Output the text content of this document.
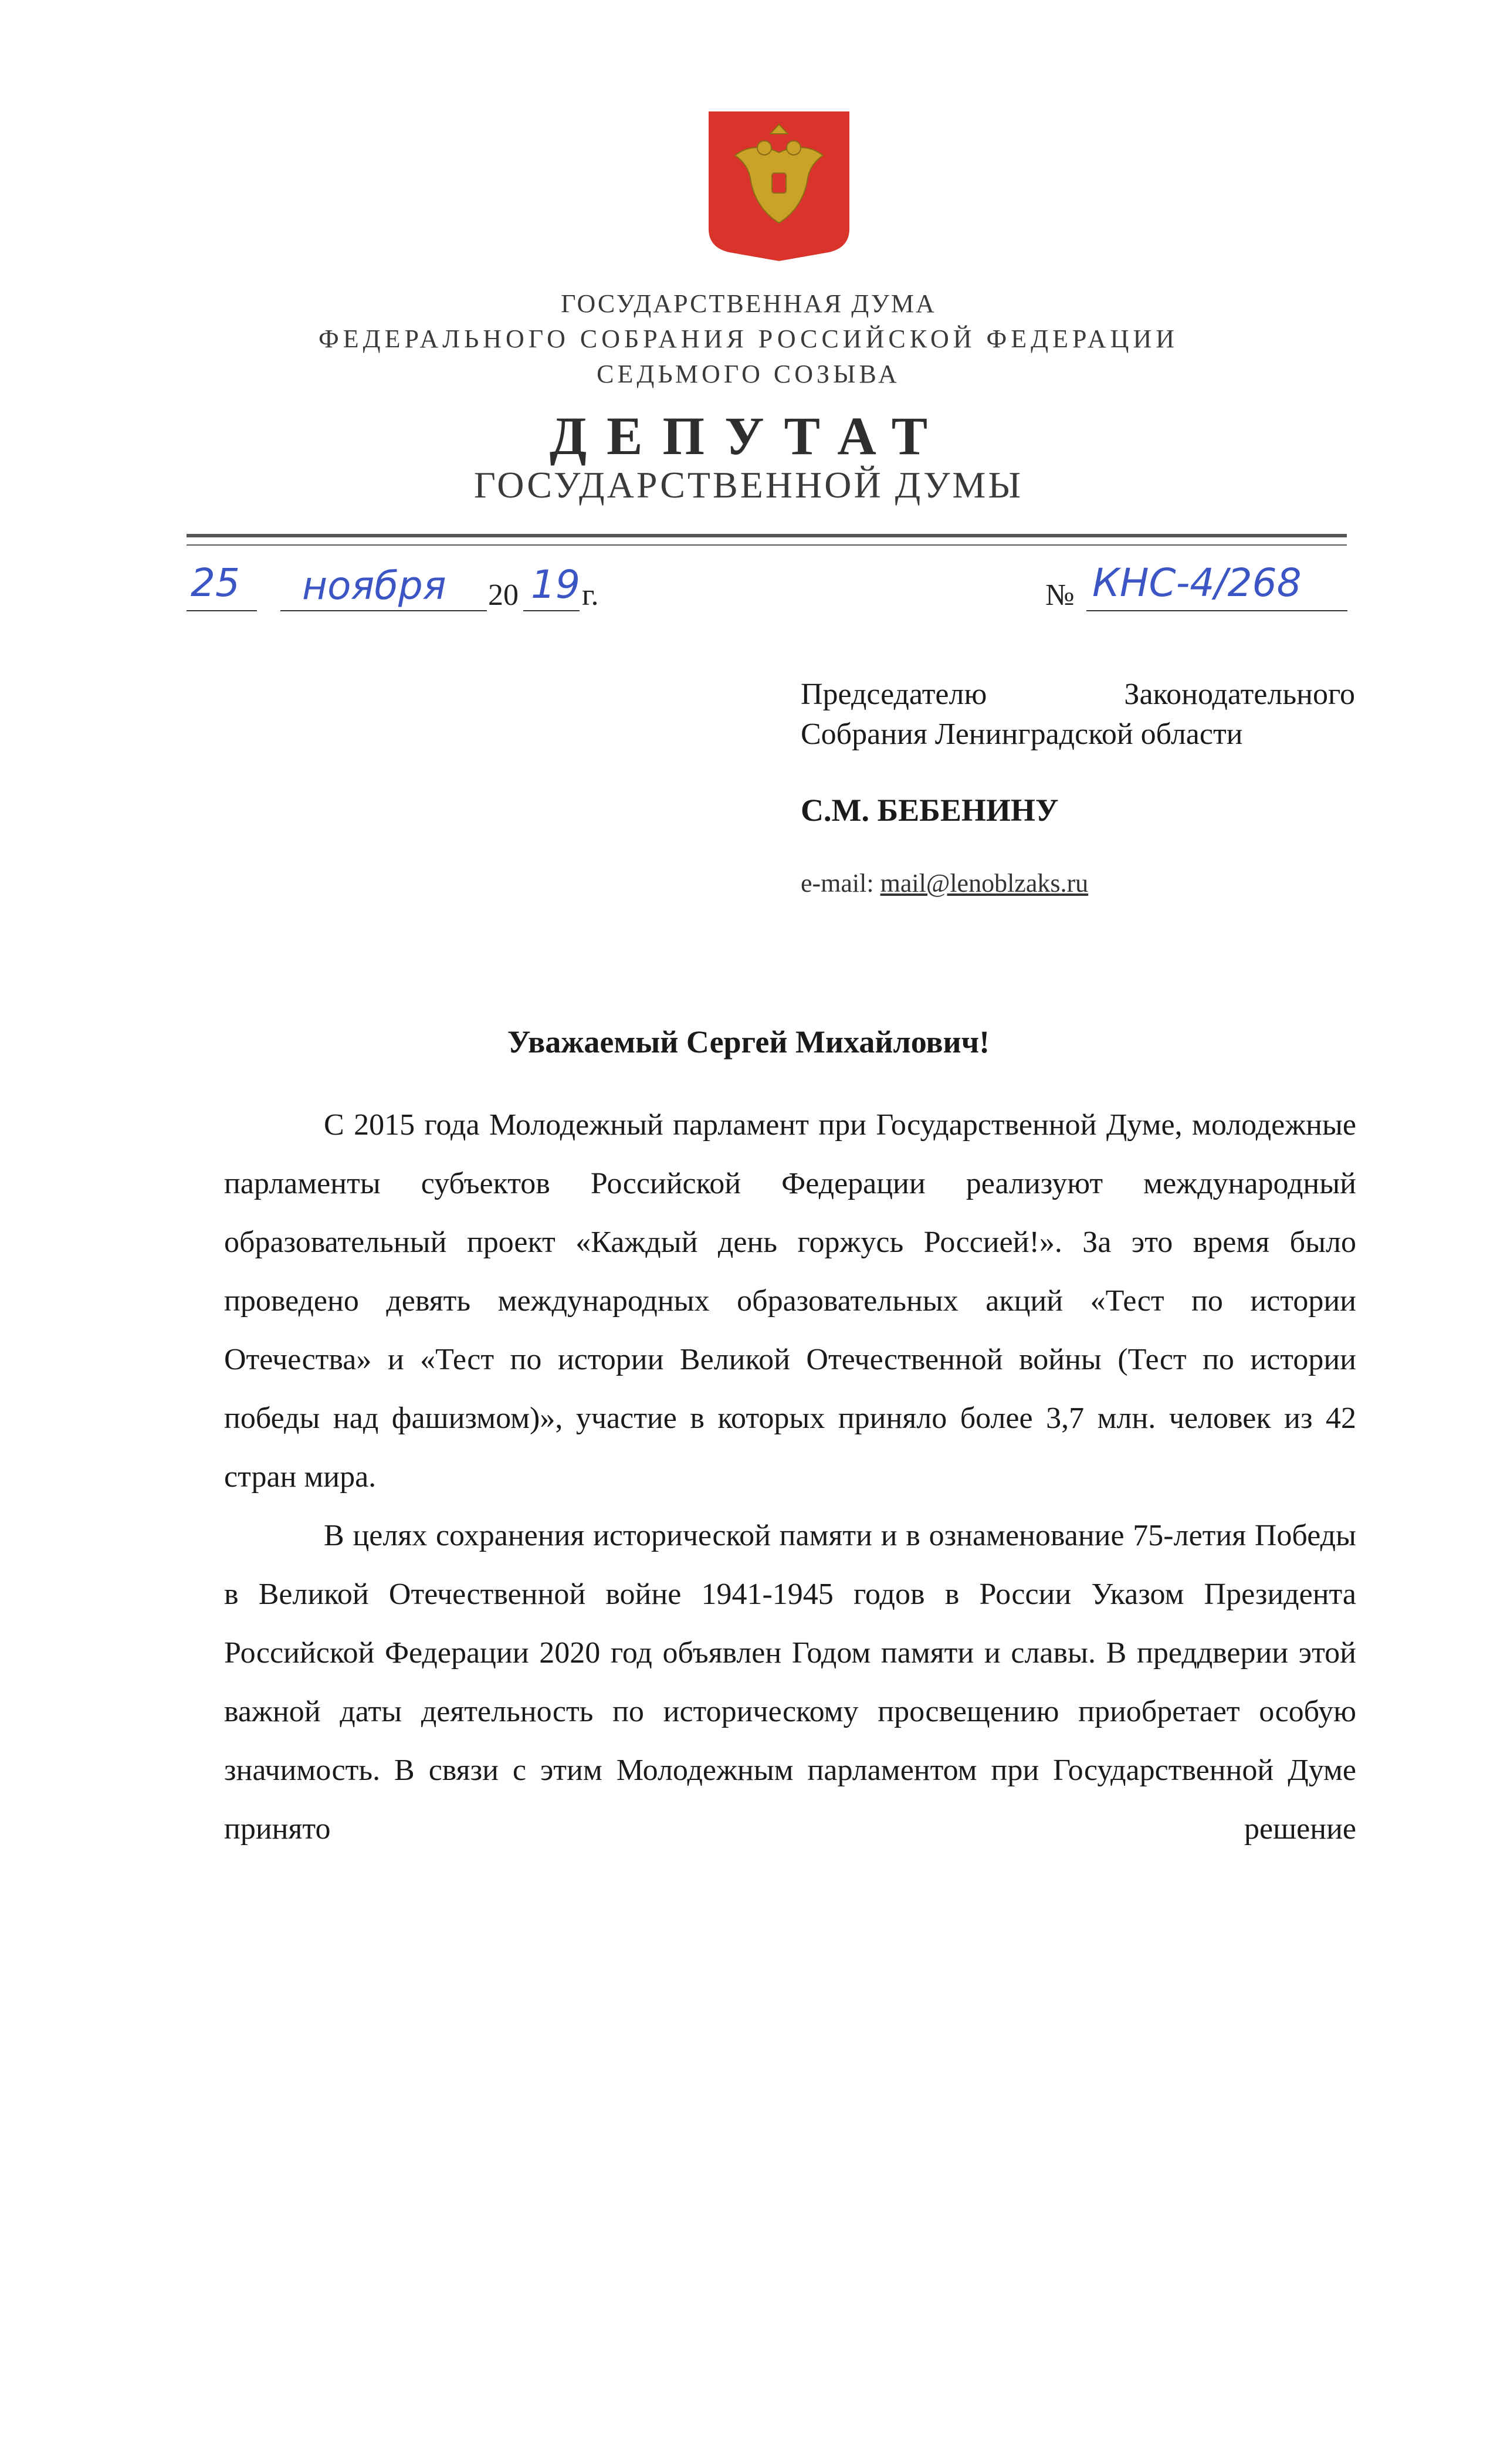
ГОСУДАРСТВЕННАЯ ДУМА
ФЕДЕРАЛЬНОГО СОБРАНИЯ РОССИЙСКОЙ ФЕДЕРАЦИИ
СЕДЬМОГО СОЗЫВА
ДЕПУТАТ
ГОСУДАРСТВЕННОЙ ДУМЫ
25 ноября 20 19 г.	№ КНС-4/268
Председателю	Законодательного
Собрания Ленинградской области
С.М. БЕБЕНИНУ
e-mail: mail@lenoblzaks.ru
Уважаемый Сергей Михайлович!

С 2015 года Молодежный парламент при Государственной Думе, молодежные парламенты субъектов Российской Федерации реализуют международный образовательный проект «Каждый день горжусь Россией!». За это время было проведено девять международных образовательных акций «Тест по истории Отечества» и «Тест по истории Великой Отечественной войны (Тест по истории победы над фашизмом)», участие в которых приняло более 3,7 млн. человек из 42 стран мира.

В целях сохранения исторической памяти и в ознаменование 75-летия Победы в Великой Отечественной войне 1941-1945 годов в России Указом Президента Российской Федерации 2020 год объявлен Годом памяти и славы. В преддверии этой важной даты деятельность по историческому просвещению приобретает особую значимость. В связи с этим Молодежным парламентом при Государственной Думе принято решение
